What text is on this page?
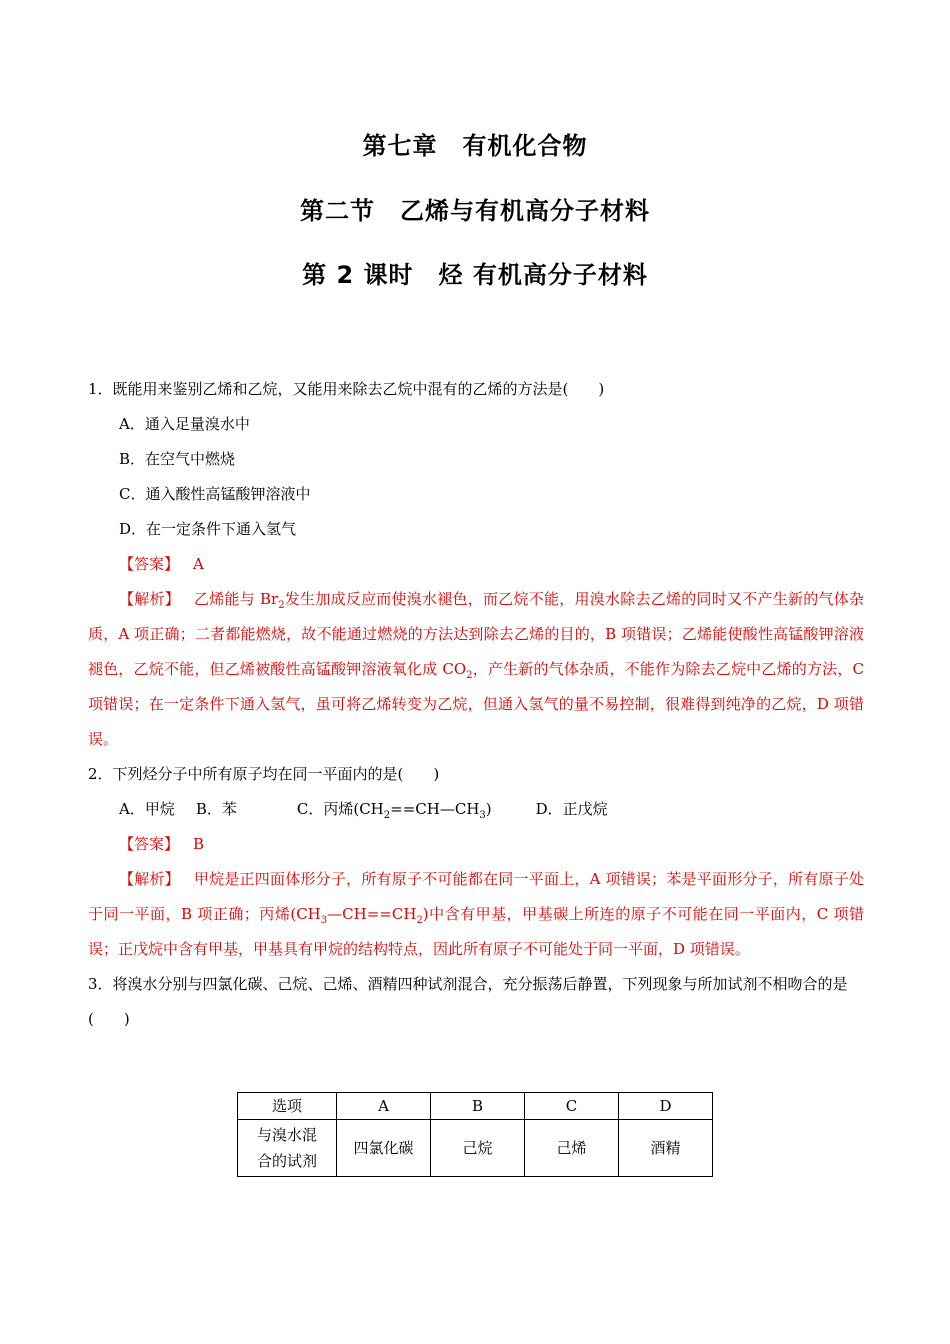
第七章　有机化合物
第二节　乙烯与有机高分子材料
第 2 课时　烃 有机高分子材料

1．既能用来鉴别乙烯和乙烷，又能用来除去乙烷中混有的乙烯的方法是(　　)

A．通入足量溴水中

B．在空气中燃烧

C．通入酸性高锰酸钾溶液中

D．在一定条件下通入氢气

【答案】 A

【解析】 乙烯能与 $Br_2$发生加成反应而使溴水褪色，而乙烷不能，用溴水除去乙烯的同时又不产生新的气体杂质，A 项正确；二者都能燃烧，故不能通过燃烧的方法达到除去乙烯的目的，B 项错误；乙烯能使酸性高锰酸钾溶液褪色，乙烷不能，但乙烯被酸性高锰酸钾溶液氧化成 $CO_2$，产生新的气体杂质，不能作为除去乙烷中乙烯的方法，C 项错误；在一定条件下通入氢气，虽可将乙烯转变为乙烷，但通入氢气的量不易控制，很难得到纯净的乙烷，D 项错误。

2．下列烃分子中所有原子均在同一平面内的是(　　)

A．甲烷 B．苯	C．丙烯$(CH_2==CH—CH_3)$	D．正戊烷

【答案】 B

【解析】 甲烷是正四面体形分子，所有原子不可能都在同一平面上，A 项错误；苯是平面形分子，所有原子处于同一平面，B 项正确；丙烯$(CH_3—CH==CH_2)$中含有甲基，甲基碳上所连的原子不可能在同一平面内，C 项错误；正戊烷中含有甲基，甲基具有甲烷的结构特点，因此所有原子不可能处于同一平面，D 项错误。

3．将溴水分别与四氯化碳、己烷、己烯、酒精四种试剂混合，充分振荡后静置，下列现象与所加试剂不相吻合的是(　　)

选项	A	B	C	D

与溴水混
合的试剂	四氯化碳	己烷	己烯	酒精
